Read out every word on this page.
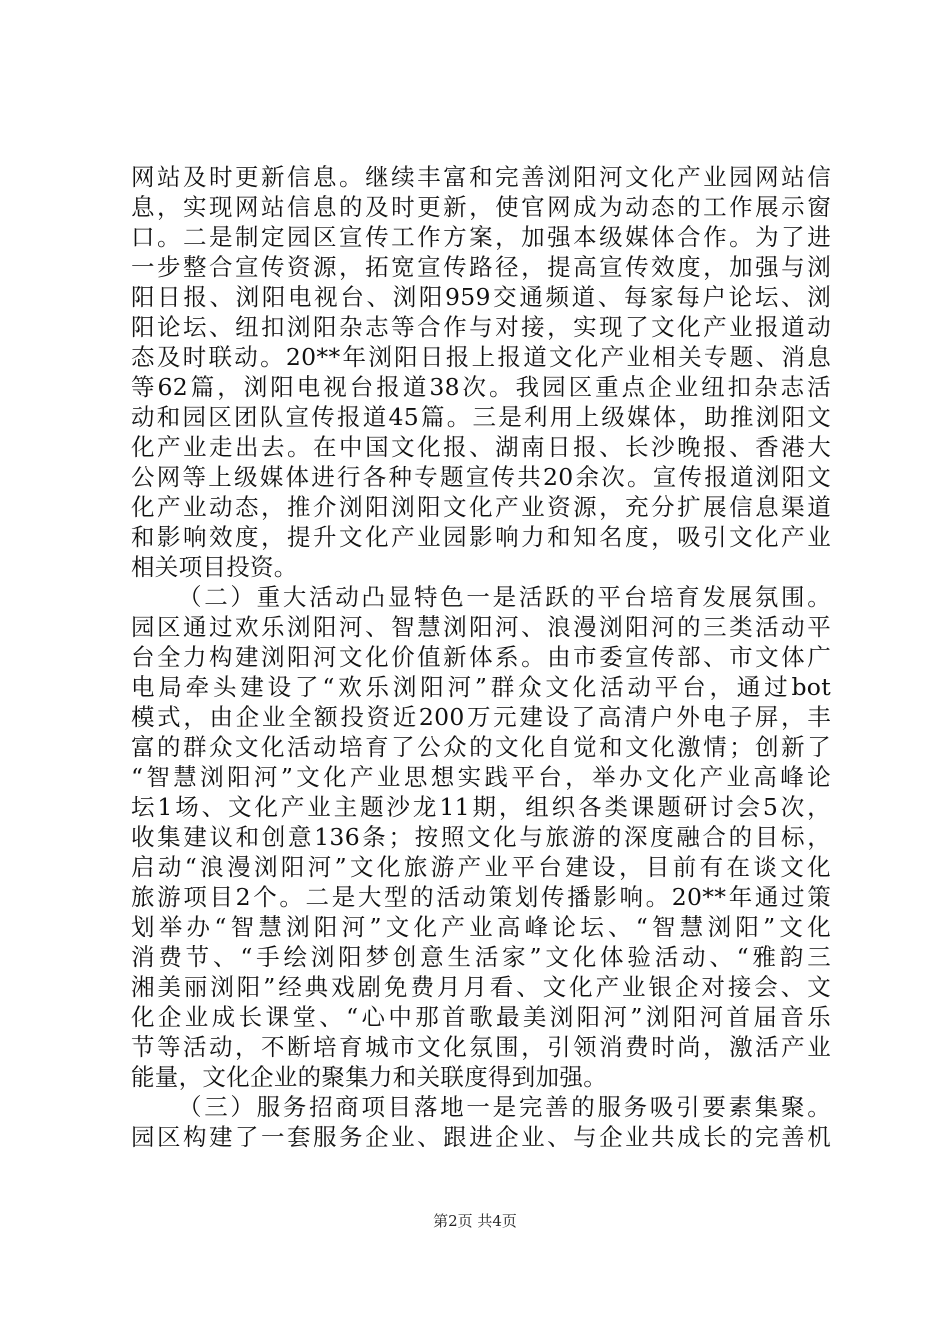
网站及时更新信息。继续丰富和完善浏阳河文化产业园网站信
息，实现网站信息的及时更新，使官网成为动态的工作展示窗
口。二是制定园区宣传工作方案，加强本级媒体合作。为了进
一步整合宣传资源，拓宽宣传路径，提高宣传效度，加强与浏
阳日报、浏阳电视台、浏阳959交通频道、每家每户论坛、浏
阳论坛、纽扣浏阳杂志等合作与对接，实现了文化产业报道动
态及时联动。20**年浏阳日报上报道文化产业相关专题、消息
等62篇，浏阳电视台报道38次。我园区重点企业纽扣杂志活
动和园区团队宣传报道45篇。三是利用上级媒体，助推浏阳文
化产业走出去。在中国文化报、湖南日报、长沙晚报、香港大
公网等上级媒体进行各种专题宣传共20余次。宣传报道浏阳文
化产业动态，推介浏阳浏阳文化产业资源，充分扩展信息渠道
和影响效度，提升文化产业园影响力和知名度，吸引文化产业
相关项目投资。
（二）重大活动凸显特色一是活跃的平台培育发展氛围。
园区通过欢乐浏阳河、智慧浏阳河、浪漫浏阳河的三类活动平
台全力构建浏阳河文化价值新体系。由市委宣传部、市文体广
电局牵头建设了“欢乐浏阳河”群众文化活动平台，通过bot
模式，由企业全额投资近200万元建设了高清户外电子屏，丰
富的群众文化活动培育了公众的文化自觉和文化激情；创新了
“智慧浏阳河”文化产业思想实践平台，举办文化产业高峰论
坛1场、文化产业主题沙龙11期，组织各类课题研讨会5次，
收集建议和创意136条；按照文化与旅游的深度融合的目标，
启动“浪漫浏阳河”文化旅游产业平台建设，目前有在谈文化
旅游项目2个。二是大型的活动策划传播影响。20**年通过策
划举办“智慧浏阳河”文化产业高峰论坛、“智慧浏阳”文化
消费节、“手绘浏阳梦创意生活家”文化体验活动、“雅韵三
湘美丽浏阳”经典戏剧免费月月看、文化产业银企对接会、文
化企业成长课堂、“心中那首歌最美浏阳河”浏阳河首届音乐
节等活动，不断培育城市文化氛围，引领消费时尚，激活产业
能量，文化企业的聚集力和关联度得到加强。
（三）服务招商项目落地一是完善的服务吸引要素集聚。
园区构建了一套服务企业、跟进企业、与企业共成长的完善机
第2页 共4页
